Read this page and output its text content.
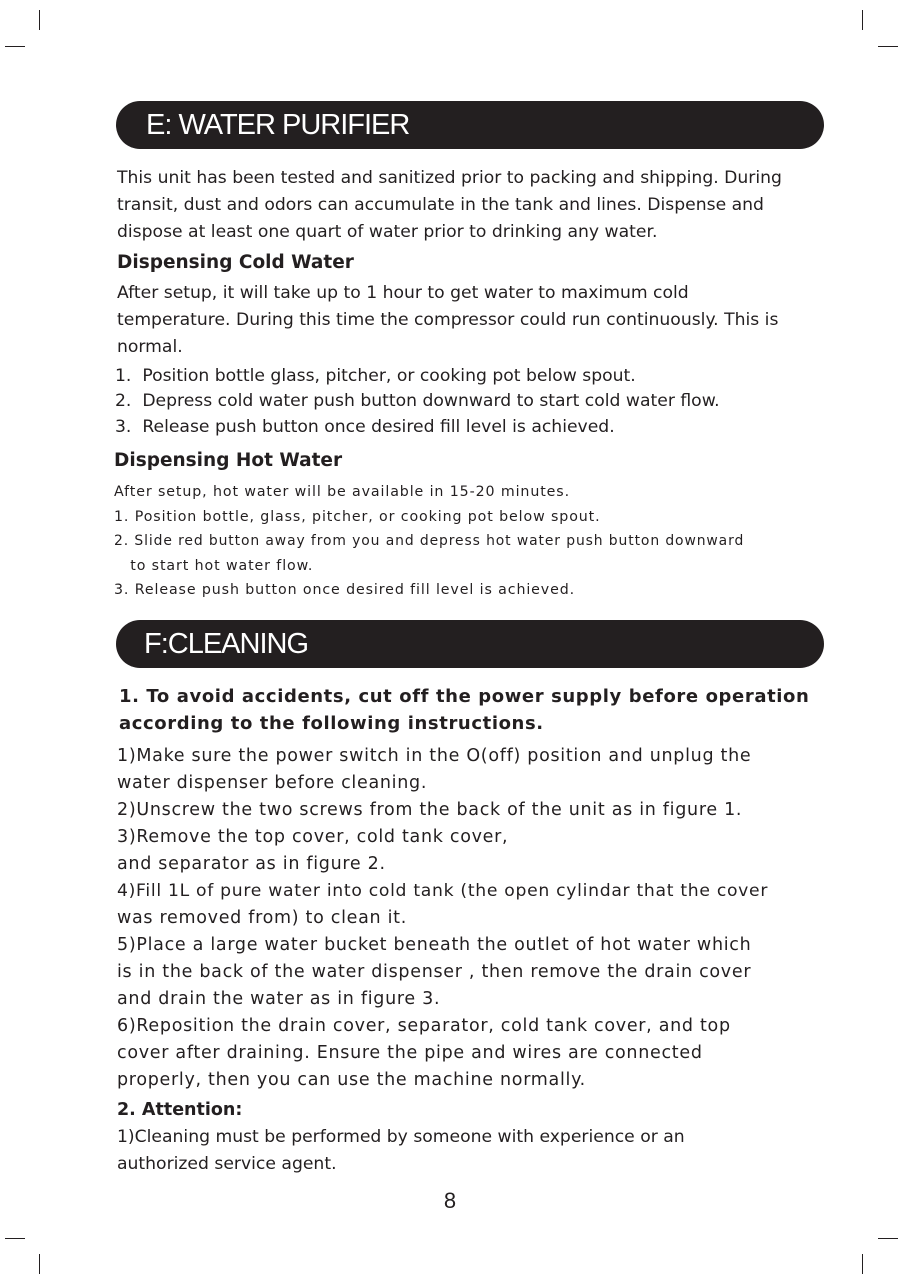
E: WATER PURIFIER

This unit has been tested and sanitized prior to packing and shipping. During

transit, dust and odors can accumulate in the tank and lines. Dispense and

dispose at least one quart of water prior to drinking any water.

Dispensing Cold Water

After setup, it will take up to 1 hour to get water to maximum cold

temperature. During this time the compressor could run continuously. This is

normal.

1.  Position bottle glass, pitcher, or cooking pot below spout.

2.  Depress cold water push button downward to start cold water flow.

3.  Release push button once desired fill level is achieved.

Dispensing Hot Water

After setup, hot water will be available in 15-20 minutes.

1. Position bottle, glass, pitcher, or cooking pot below spout.

2. Slide red button away from you and depress hot water push button downward

to start hot water flow.

3. Release push button once desired fill level is achieved.

F:CLEANING

1. To avoid accidents, cut off the power supply before operation

according to the following instructions.

1)Make sure the power switch in the O(off) position and unplug the

water dispenser before cleaning.

2)Unscrew the two screws from the back of the unit as in figure 1.

3)Remove the top cover, cold tank cover,

and separator as in figure 2.

4)Fill 1L of pure water into cold tank (the open cylindar that the cover

was removed from) to clean it.

5)Place a large water bucket beneath the outlet of hot water which

is in the back of the water dispenser , then remove the drain cover

and drain the water as in figure 3.

6)Reposition the drain cover, separator, cold tank cover, and top

cover after draining. Ensure the pipe and wires are connected

properly, then you can use the machine normally.

2. Attention:

1)Cleaning must be performed by someone with experience or an

authorized service agent.

8
